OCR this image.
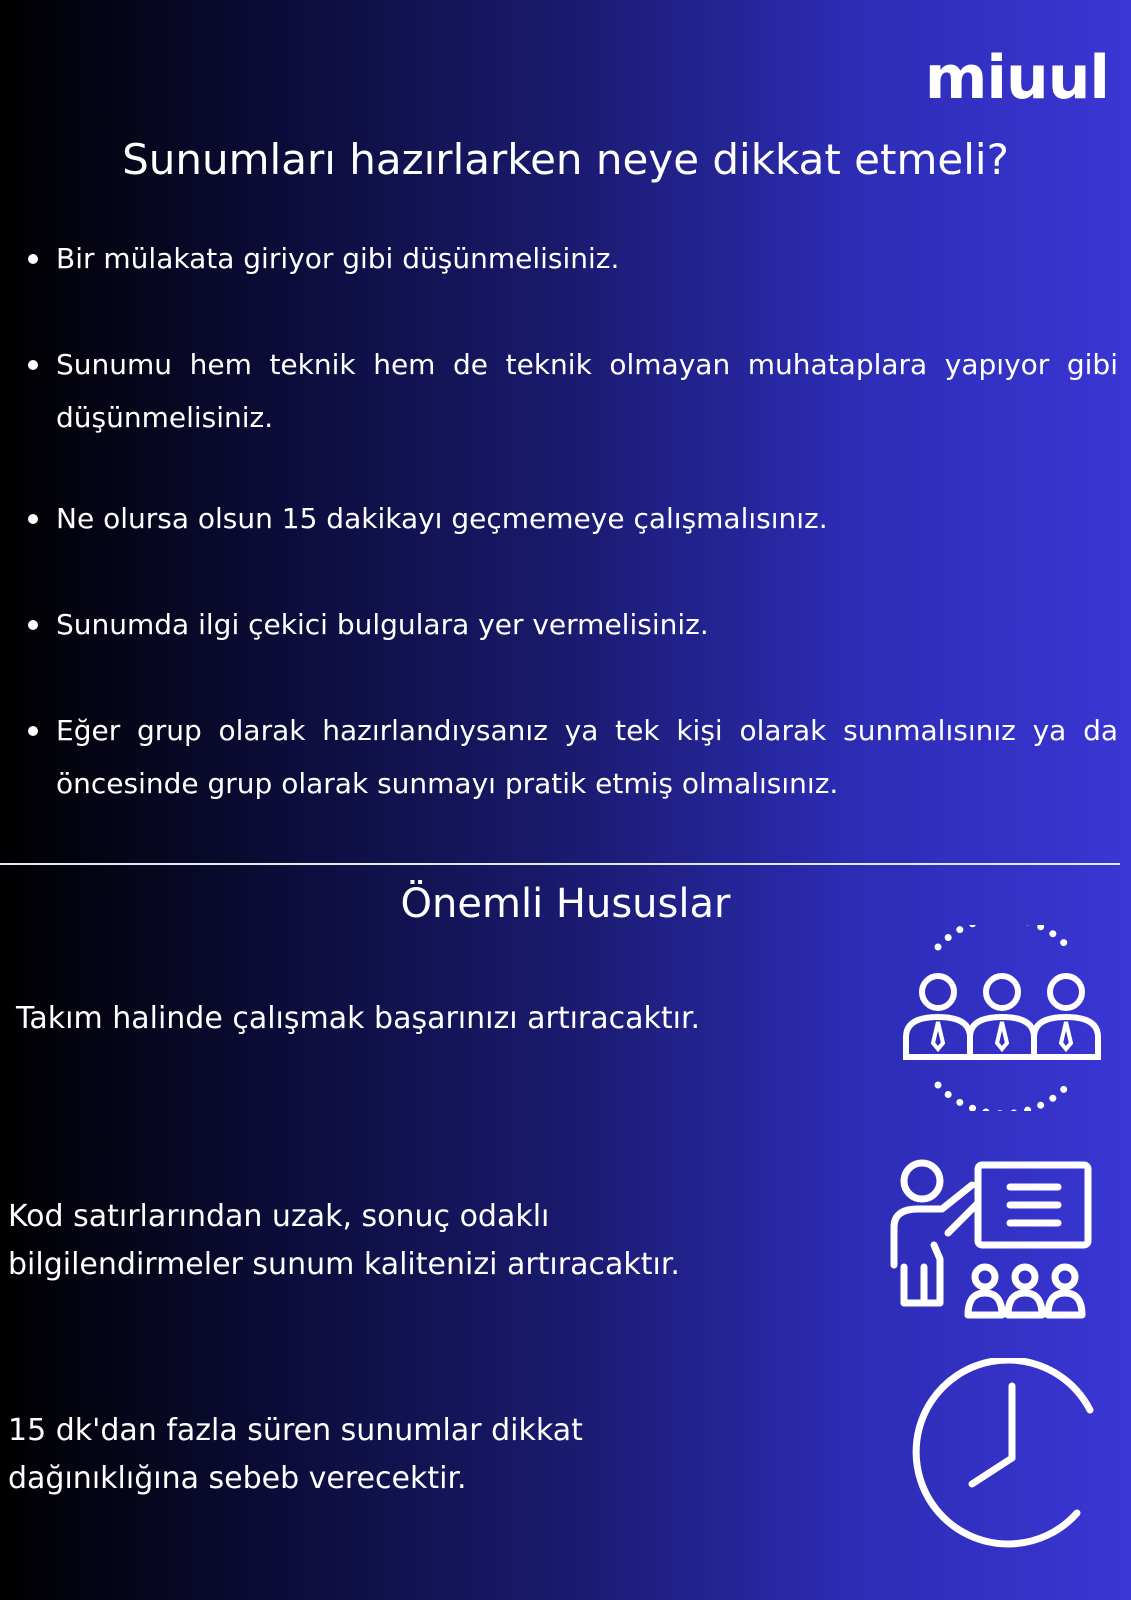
miuul
Sunumları hazırlarken neye dikkat etmeli?
Bir mülakata giriyor gibi düşünmelisiniz.
Sunumu hem teknik hem de teknik olmayan muhataplara yapıyor gibi düşünmelisiniz.
Ne olursa olsun 15 dakikayı geçmemeye çalışmalısınız.
Sunumda ilgi çekici bulgulara yer vermelisiniz.
Eğer grup olarak hazırlandıysanız ya tek kişi olarak sunmalısınız ya da öncesinde grup olarak sunmayı pratik etmiş olmalısınız.
Önemli Hususlar
Takım halinde çalışmak başarınızı artıracaktır.
Kod satırlarından uzak, sonuç odaklı
bilgilendirmeler sunum kalitenizi artıracaktır.
15 dk'dan fazla süren sunumlar dikkat
dağınıklığına sebeb verecektir.
